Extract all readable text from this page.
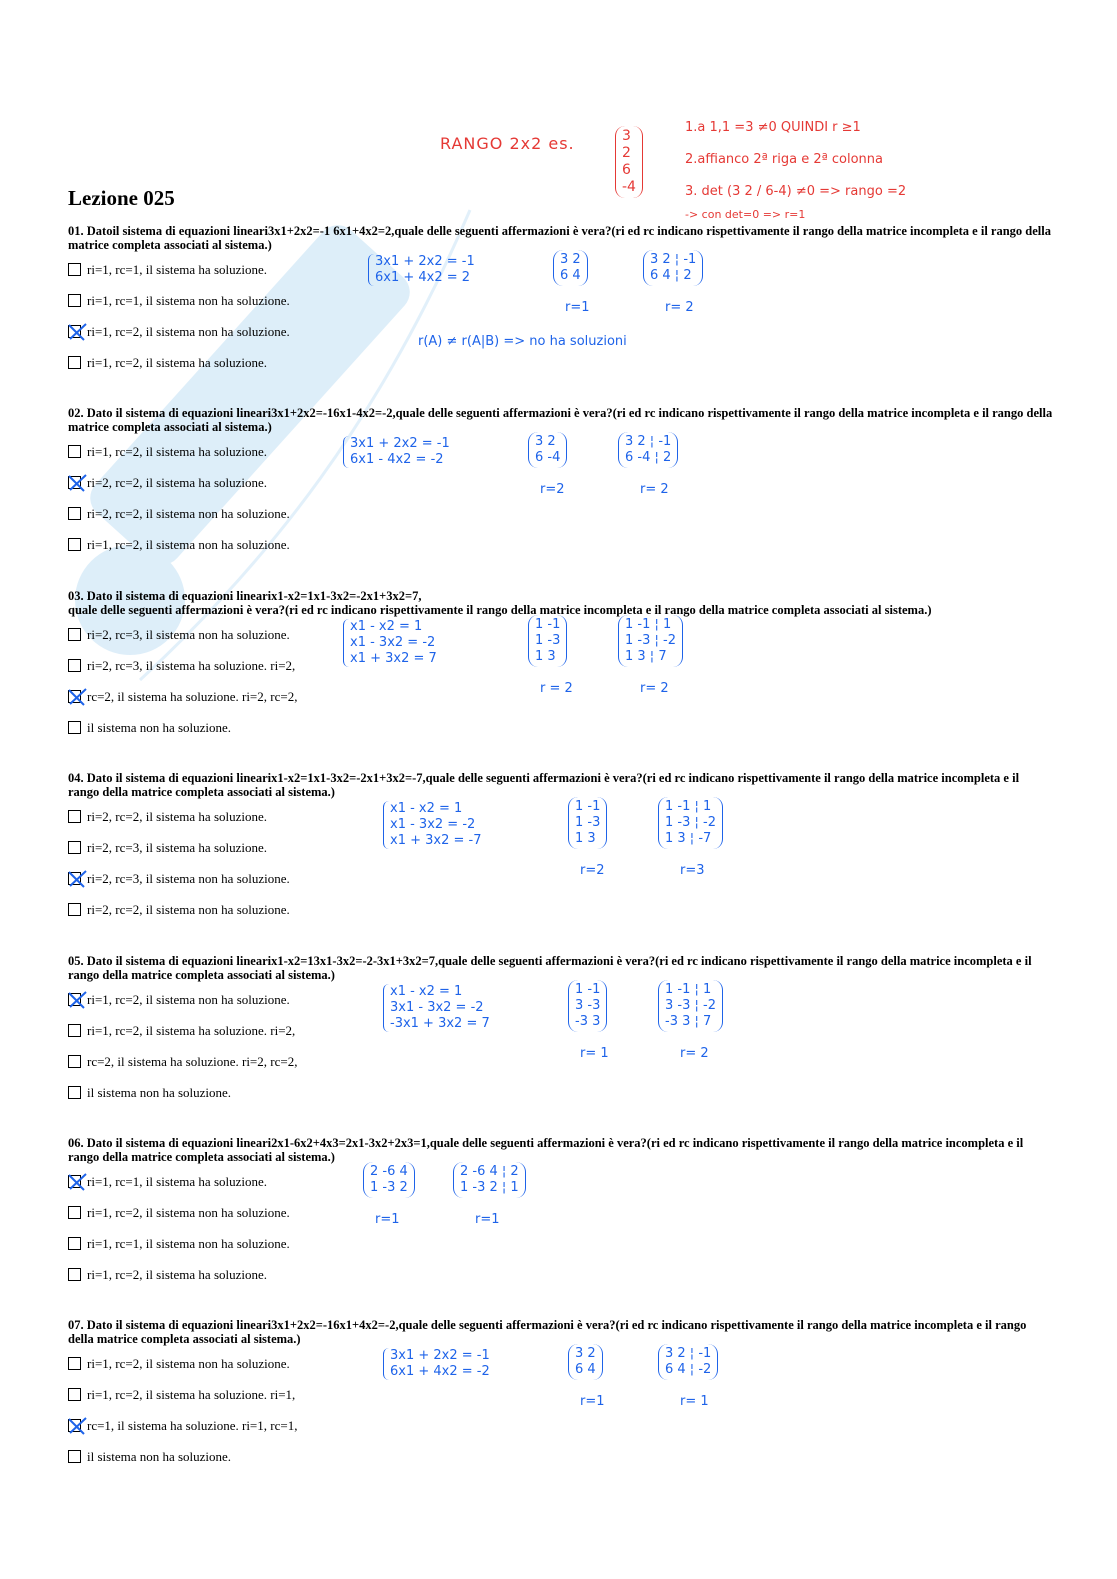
RANGO 2x2 es.	3 2
6 -4
1.a 1,1 =3 ≠0 QUINDI r ≥1
2.affianco 2ª riga e 2ª colonna
3. det (3 2 / 6-4) ≠0 => rango =2
-> con det=0 => r=1
Lezione 025

01. Datoil sistema di equazioni lineari3x1+2x2=-1 6x1+4x2=2,quale delle seguenti affermazioni è vera?(ri ed rc indicano rispettivamente il rango della matrice incompleta e il rango della matrice completa associati al sistema.)

ri=1, rc=1, il sistema ha soluzione.
ri=1, rc=1, il sistema non ha soluzione.
ri=1, rc=2, il sistema non ha soluzione.
ri=1, rc=2, il sistema ha soluzione.
3x1 + 2x2 = -1
6x1 + 4x2 = 2
3 2
6 4
3 2 ¦ -1
6 4 ¦ 2
r=1	r= 2
r(A) ≠ r(A|B) => no ha soluzioni

02. Dato il sistema di equazioni lineari3x1+2x2=-16x1-4x2=-2,quale delle seguenti affermazioni è vera?(ri ed rc indicano rispettivamente il rango della matrice incompleta e il rango della matrice completa associati al sistema.)

ri=1, rc=2, il sistema ha soluzione.
ri=2, rc=2, il sistema ha soluzione.
ri=2, rc=2, il sistema non ha soluzione.
ri=1, rc=2, il sistema non ha soluzione.
3x1 + 2x2 = -1
6x1 - 4x2 = -2
3 2
6 -4
3 2 ¦ -1
6 -4 ¦ 2
r=2	r= 2

03. Dato il sistema di equazioni linearix1-x2=1x1-3x2=-2x1+3x2=7,
quale delle seguenti affermazioni è vera?(ri ed rc indicano rispettivamente il rango della matrice incompleta e il rango della matrice completa associati al sistema.)

ri=2, rc=3, il sistema non ha soluzione.
ri=2, rc=3, il sistema ha soluzione. ri=2,
rc=2, il sistema ha soluzione. ri=2, rc=2,
il sistema non ha soluzione.
x1 - x2 = 1
x1 - 3x2 = -2
x1 + 3x2 = 7
1 -1
1 -3
1 3
1 -1 ¦ 1
1 -3 ¦ -2
1 3 ¦ 7
r = 2	r= 2

04. Dato il sistema di equazioni linearix1-x2=1x1-3x2=-2x1+3x2=-7,quale delle seguenti affermazioni è vera?(ri ed rc indicano rispettivamente il rango della matrice incompleta e il rango della matrice completa associati al sistema.)

ri=2, rc=2, il sistema ha soluzione.
ri=2, rc=3, il sistema ha soluzione.
ri=2, rc=3, il sistema non ha soluzione.
ri=2, rc=2, il sistema non ha soluzione.
x1 - x2 = 1
x1 - 3x2 = -2
x1 + 3x2 = -7
1 -1
1 -3
1 3
1 -1 ¦ 1
1 -3 ¦ -2
1 3 ¦ -7
r=2	r=3

05. Dato il sistema di equazioni linearix1-x2=13x1-3x2=-2-3x1+3x2=7,quale delle seguenti affermazioni è vera?(ri ed rc indicano rispettivamente il rango della matrice incompleta e il rango della matrice completa associati al sistema.)

ri=1, rc=2, il sistema non ha soluzione.
ri=1, rc=2, il sistema ha soluzione. ri=2,
rc=2, il sistema ha soluzione. ri=2, rc=2,
il sistema non ha soluzione.
x1 - x2 = 1
3x1 - 3x2 = -2
-3x1 + 3x2 = 7
1 -1
3 -3
-3 3
1 -1 ¦ 1
3 -3 ¦ -2
-3 3 ¦ 7
r= 1	r= 2

06. Dato il sistema di equazioni lineari2x1-6x2+4x3=2x1-3x2+2x3=1,quale delle seguenti affermazioni è vera?(ri ed rc indicano rispettivamente il rango della matrice incompleta e il rango della matrice completa associati al sistema.)

ri=1, rc=1, il sistema ha soluzione.
ri=1, rc=2, il sistema non ha soluzione.
ri=1, rc=1, il sistema non ha soluzione.
ri=1, rc=2, il sistema ha soluzione.
2 -6 4
1 -3 2
2 -6 4 ¦ 2
1 -3 2 ¦ 1
r=1	r=1

07. Dato il sistema di equazioni lineari3x1+2x2=-16x1+4x2=-2,quale delle seguenti affermazioni è vera?(ri ed rc indicano rispettivamente il rango della matrice incompleta e il rango della matrice completa associati al sistema.)

ri=1, rc=2, il sistema non ha soluzione.
ri=1, rc=2, il sistema ha soluzione. ri=1,
rc=1, il sistema ha soluzione. ri=1, rc=1,
il sistema non ha soluzione.
3x1 + 2x2 = -1
6x1 + 4x2 = -2
3 2
6 4
3 2 ¦ -1
6 4 ¦ -2
r=1	r= 1
